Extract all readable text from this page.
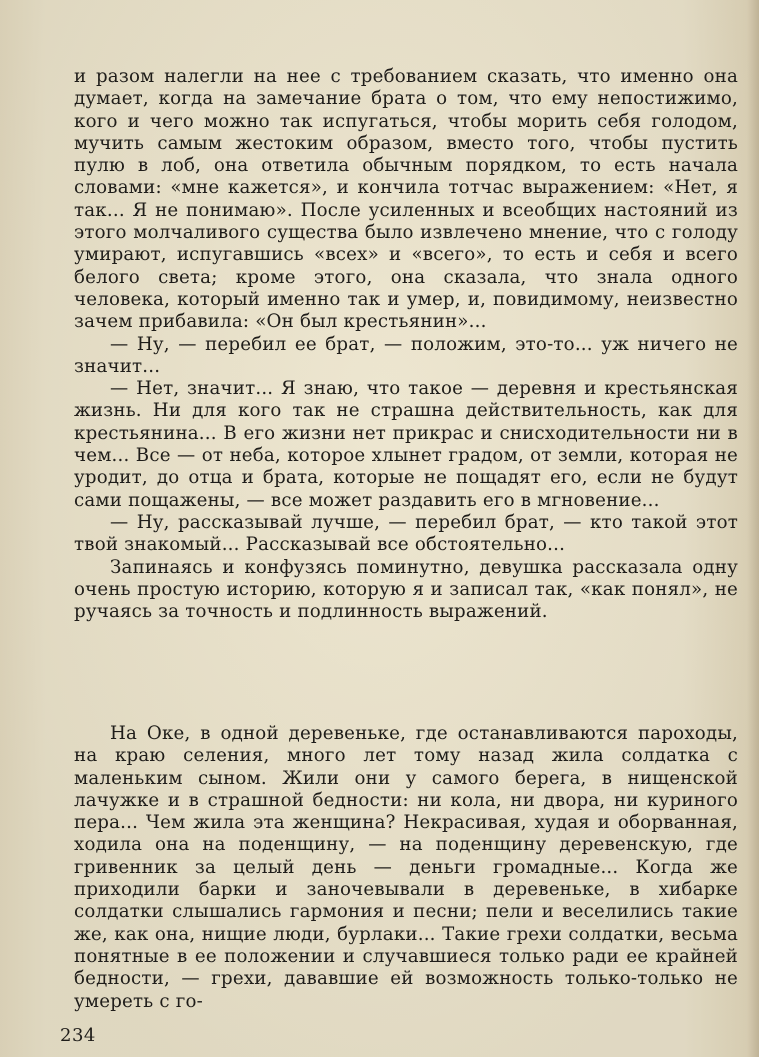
и разом налегли на нее с требованием сказать, что именно она думает, когда на замечание брата о том, что ему непостижимо, кого и чего можно так испугаться, чтобы морить себя голодом, мучить самым жестоким образом, вместо того, чтобы пустить пулю в лоб, она ответила обычным порядком, то есть начала словами: «мне кажется», и кончила тотчас выражением: «Нет, я так... Я не понимаю». После усиленных и всеобщих настояний из этого молчаливого существа было извлечено мнение, что с голоду умирают, испугавшись «всех» и «всего», то есть и себя и всего белого света; кроме этого, она сказала, что знала одного человека, который именно так и умер, и, повидимому, неизвестно зачем прибавила: «Он был крестьянин»...

— Ну, — перебил ее брат, — положим, это-то... уж ничего не значит...

— Нет, значит... Я знаю, что такое — деревня и крестьянская жизнь. Ни для кого так не страшна действительность, как для крестьянина... В его жизни нет прикрас и снисходительности ни в чем... Все — от неба, которое хлынет градом, от земли, которая не уродит, до отца и брата, которые не пощадят его, если не будут сами пощажены, — все может раздавить его в мгновение...

— Ну, рассказывай лучше, — перебил брат, — кто такой этот твой знакомый... Рассказывай все обстоятельно...

Запинаясь и конфузясь поминутно, девушка рассказала одну очень простую историю, которую я и записал так, «как понял», не ручаясь за точность и подлинность выражений.

На Оке, в одной деревеньке, где останавливаются пароходы, на краю селения, много лет тому назад жила солдатка с маленьким сыном. Жили они у самого берега, в нищенской лачужке и в страшной бедности: ни кола, ни двора, ни куриного пера... Чем жила эта женщина? Некрасивая, худая и оборванная, ходила она на поденщину, — на поденщину деревенскую, где гривенник за целый день — деньги громадные... Когда же приходили барки и заночевывали в деревеньке, в хибарке солдатки слышались гармония и песни; пели и веселились такие же, как она, нищие люди, бурлаки... Такие грехи солдатки, весьма понятные в ее положении и случавшиеся только ради ее крайней бедности, — грехи, дававшие ей возможность только-только не умереть с го-

234
